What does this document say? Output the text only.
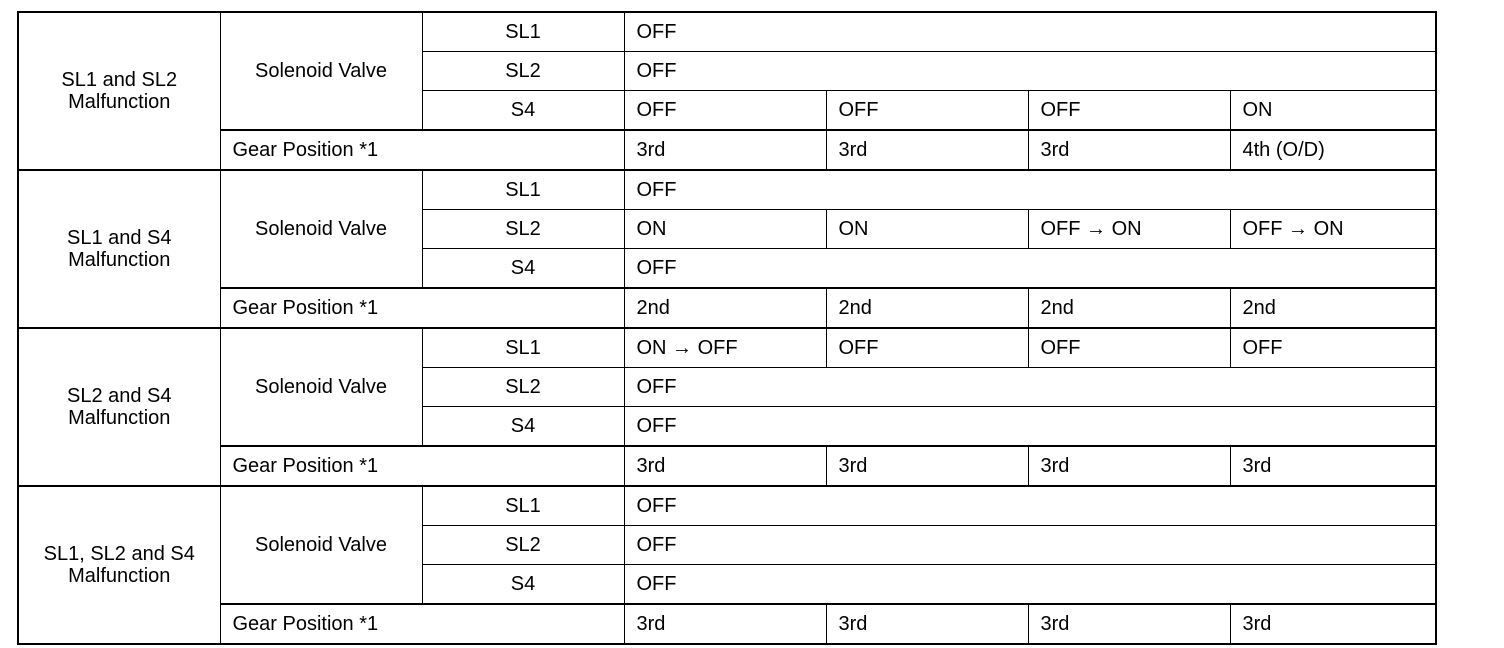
SL1 and SL2
Malfunction	Solenoid Valve	SL1	OFF			
		SL2	OFF			
		S4	OFF	OFF	OFF	ON
	Gear Position *1		3rd	3rd	3rd	4th (O/D)

SL1 and S4
Malfunction	Solenoid Valve	SL1	OFF			
		SL2	ON	ON	OFF → ON	OFF → ON
		S4	OFF			
	Gear Position *1		2nd	2nd	2nd	2nd

SL2 and S4
Malfunction	Solenoid Valve	SL1	ON → OFF	OFF	OFF	OFF
		SL2	OFF			
		S4	OFF			
	Gear Position *1		3rd	3rd	3rd	3rd

SL1, SL2 and S4
Malfunction	Solenoid Valve	SL1	OFF			
		SL2	OFF			
		S4	OFF			
	Gear Position *1		3rd	3rd	3rd	3rd
